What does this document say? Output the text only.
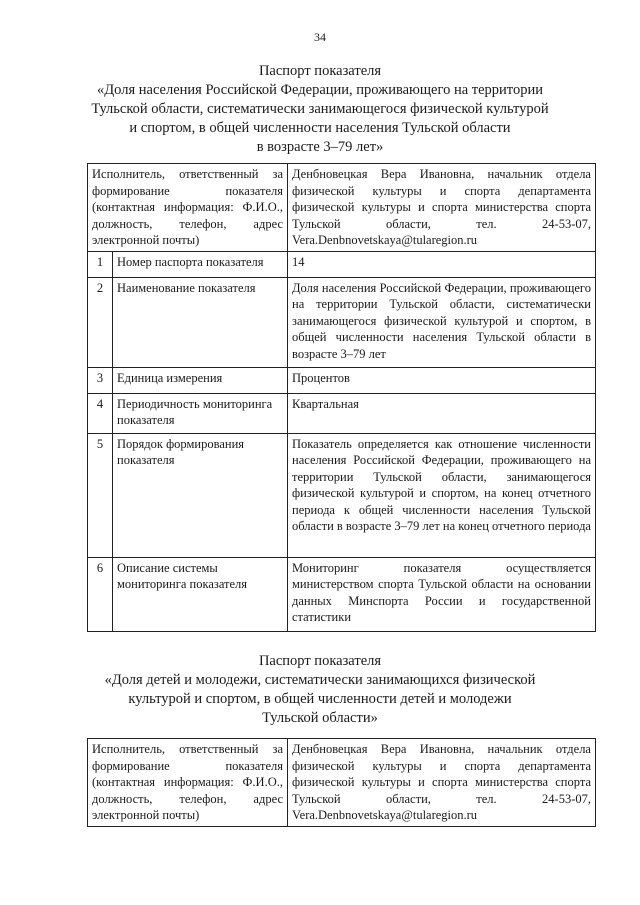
34
Паспорт показателя
«Доля населения Российской Федерации, проживающего на территории
Тульской области, систематически занимающегося физической культурой
и спортом, в общей численности населения Тульской области
в возрасте 3–79 лет»
Исполнитель, ответственный за формирование показателя (контактная информация: Ф.И.О., должность, телефон, адрес электронной почты)		Денбновецкая Вера Ивановна, начальник отдела физической культуры и спорта департамента физической культуры и спорта министерства спорта Тульской области, тел. 24-53-07, Vera.Denbnovetskaya@tularegion.ru
1	Номер паспорта показателя	14
2	Наименование показателя	Доля населения Российской Федерации, проживающего на территории Тульской области, систематически занимающегося физической культурой и спортом, в общей численности населения Тульской области в возрасте 3–79 лет
3	Единица измерения	Процентов
4	Периодичность мониторинга показателя	Квартальная
5	Порядок формирования показателя	Показатель определяется как отношение численности населения Российской Федерации, проживающего на территории Тульской области, занимающегося физической культурой и спортом, на конец отчетного периода к общей численности населения Тульской области в возрасте 3–79 лет на конец отчетного периода
6	Описание системы мониторинга показателя	Мониторинг показателя осуществляется министерством спорта Тульской области на основании данных Минспорта России и государственной статистики
Паспорт показателя
«Доля детей и молодежи, систематически занимающихся физической
культурой и спортом, в общей численности детей и молодежи
Тульской области»
Исполнитель, ответственный за формирование показателя (контактная информация: Ф.И.О., должность, телефон, адрес электронной почты)	Денбновецкая Вера Ивановна, начальник отдела физической культуры и спорта департамента физической культуры и спорта министерства спорта Тульской области, тел. 24-53-07, Vera.Denbnovetskaya@tularegion.ru
